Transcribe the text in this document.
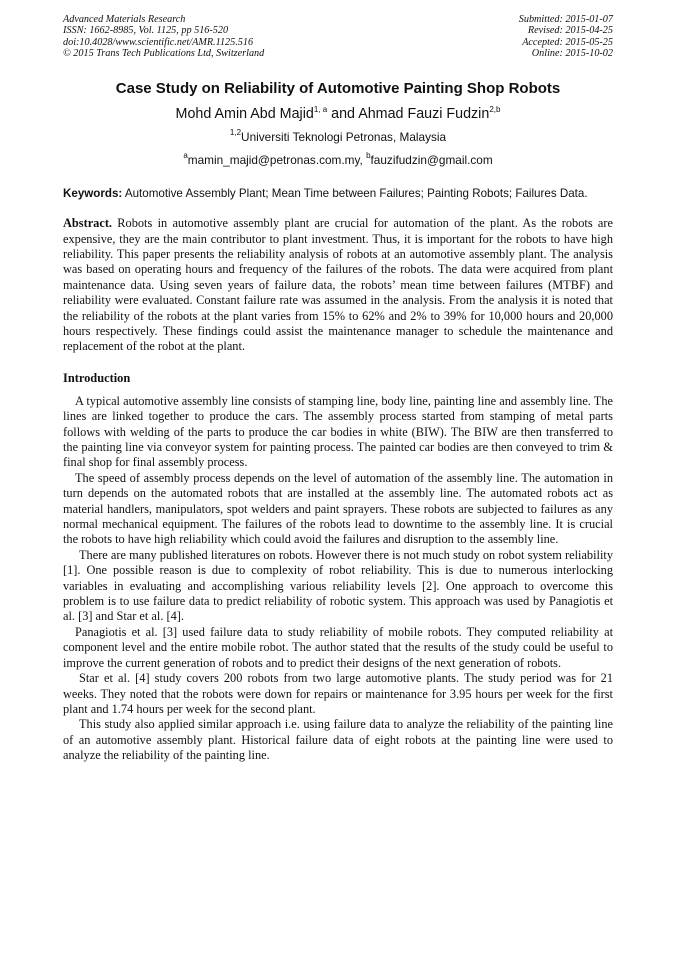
Advanced Materials Research
ISSN: 1662-8985, Vol. 1125, pp 516-520
doi:10.4028/www.scientific.net/AMR.1125.516
© 2015 Trans Tech Publications Ltd, Switzerland
Submitted: 2015-01-07
Revised: 2015-04-25
Accepted: 2015-05-25
Online: 2015-10-02
Case Study on Reliability of Automotive Painting Shop Robots
Mohd Amin Abd Majid$^{1, a}$ and Ahmad Fauzi Fudzin$^{2,b}$
$^{1,2}$Universiti Teknologi Petronas, Malaysia
$^a$mamin_majid@petronas.com.my, $^b$fauzifudzin@gmail.com
Keywords: Automotive Assembly Plant; Mean Time between Failures; Painting Robots; Failures Data.
Abstract. Robots in automotive assembly plant are crucial for automation of the plant. As the robots are expensive, they are the main contributor to plant investment. Thus, it is important for the robots to have high reliability. This paper presents the reliability analysis of robots at an automotive assembly plant. The analysis was based on operating hours and frequency of the failures of the robots. The data were acquired from plant maintenance data. Using seven years of failure data, the robots’ mean time between failures (MTBF) and reliability were evaluated. Constant failure rate was assumed in the analysis. From the analysis it is noted that the reliability of the robots at the plant varies from 15% to 62% and 2% to 39% for 10,000 hours and 20,000 hours respectively. These findings could assist the maintenance manager to schedule the maintenance and replacement of the robot at the plant.
Introduction

A typical automotive assembly line consists of stamping line, body line, painting line and assembly line. The lines are linked together to produce the cars. The assembly process started from stamping of metal parts follows with welding of the parts to produce the car bodies in white (BIW). The BIW are then transferred to the painting line via conveyor system for painting process. The painted car bodies are then conveyed to trim & final shop for final assembly process.

The speed of assembly process depends on the level of automation of the assembly line. The automation in turn depends on the automated robots that are installed at the assembly line. The automated robots act as material handlers, manipulators, spot welders and paint sprayers. These robots are subjected to failures as any normal mechanical equipment. The failures of the robots lead to downtime to the assembly line. It is crucial the robots to have high reliability which could avoid the failures and disruption to the assembly line.

There are many published literatures on robots. However there is not much study on robot system reliability [1]. One possible reason is due to complexity of robot reliability. This is due to numerous interlocking variables in evaluating and accomplishing various reliability levels [2]. One approach to overcome this problem is to use failure data to predict reliability of robotic system. This approach was used by Panagiotis et al. [3] and Star et al. [4].

Panagiotis et al. [3] used failure data to study reliability of mobile robots. They computed reliability at component level and the entire mobile robot. The author stated that the results of the study could be useful to improve the current generation of robots and to predict their designs of the next generation of robots.

Star et al. [4] study covers 200 robots from two large automotive plants. The study period was for 21 weeks. They noted that the robots were down for repairs or maintenance for 3.95 hours per week for the first plant and 1.74 hours per week for the second plant.

This study also applied similar approach i.e. using failure data to analyze the reliability of the painting line of an automotive assembly plant. Historical failure data of eight robots at the painting line were used to analyze the reliability of the painting line.
